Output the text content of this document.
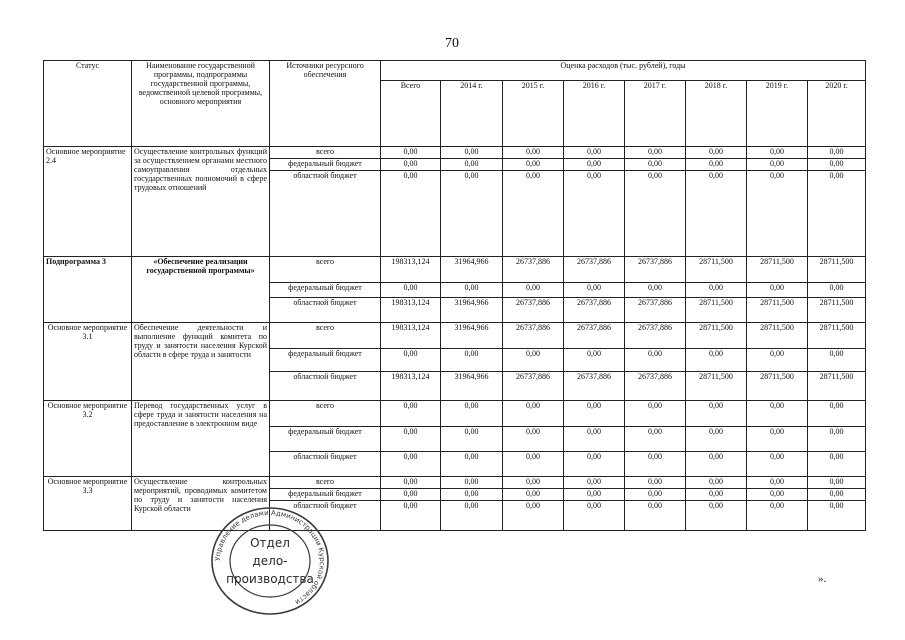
70
Статус	Наименование государственной программы, подпрограммы государственной программы, ведомственной целевой программы, основного мероприятия	Источники ресурсного обеспечения	Оценка расходов (тыс. рублей), годы							
			Всего	2014 г.	2015 г.	2016 г.	2017 г.	2018 г.	2019 г.	2020 г.
Основное мероприятие 2.4	Осуществление контрольных функций за осуществлением органами местного самоуправления отдельных государственных полномочий в сфере трудовых отношений	всего	0,00	0,00	0,00	0,00	0,00	0,00	0,00	0,00
		федеральный бюджет	0,00	0,00	0,00	0,00	0,00	0,00	0,00	0,00
		областной бюджет	0,00	0,00	0,00	0,00	0,00	0,00	0,00	0,00
Подпрограмма 3	«Обеспечение реализации государственной программы»	всего	198313,124	31964,966	26737,886	26737,886	26737,886	28711,500	28711,500	28711,500
		федеральный бюджет	0,00	0,00	0,00	0,00	0,00	0,00	0,00	0,00
		областной бюджет	198313,124	31964,966	26737,886	26737,886	26737,886	28711,500	28711,500	28711,500
Основное мероприятие 3.1	Обеспечение деятельности и выполнение функций комитета по труду и занятости населения Курской области в сфере труда и занятости	всего	198313,124	31964,966	26737,886	26737,886	26737,886	28711,500	28711,500	28711,500
		федеральный бюджет	0,00	0,00	0,00	0,00	0,00	0,00	0,00	0,00
		областной бюджет	198313,124	31964,966	26737,886	26737,886	26737,886	28711,500	28711,500	28711,500
Основное мероприятие 3.2	Перевод государственных услуг в сфере труда и занятости населения на предоставление в электронном виде	всего	0,00	0,00	0,00	0,00	0,00	0,00	0,00	0,00
		федеральный бюджет	0,00	0,00	0,00	0,00	0,00	0,00	0,00	0,00
		областной бюджет	0,00	0,00	0,00	0,00	0,00	0,00	0,00	0,00
Основное мероприятие 3.3	Осуществление контрольных мероприятий, проводимых комитетом по труду и занятости населения Курской области	всего	0,00	0,00	0,00	0,00	0,00	0,00	0,00	0,00
		федеральный бюджет	0,00	0,00	0,00	0,00	0,00	0,00	0,00	0,00
		областной бюджет	0,00	0,00	0,00	0,00	0,00	0,00	0,00	0,00
».
Управление делами Администрации Курской области
Отдел
дело-
производства
